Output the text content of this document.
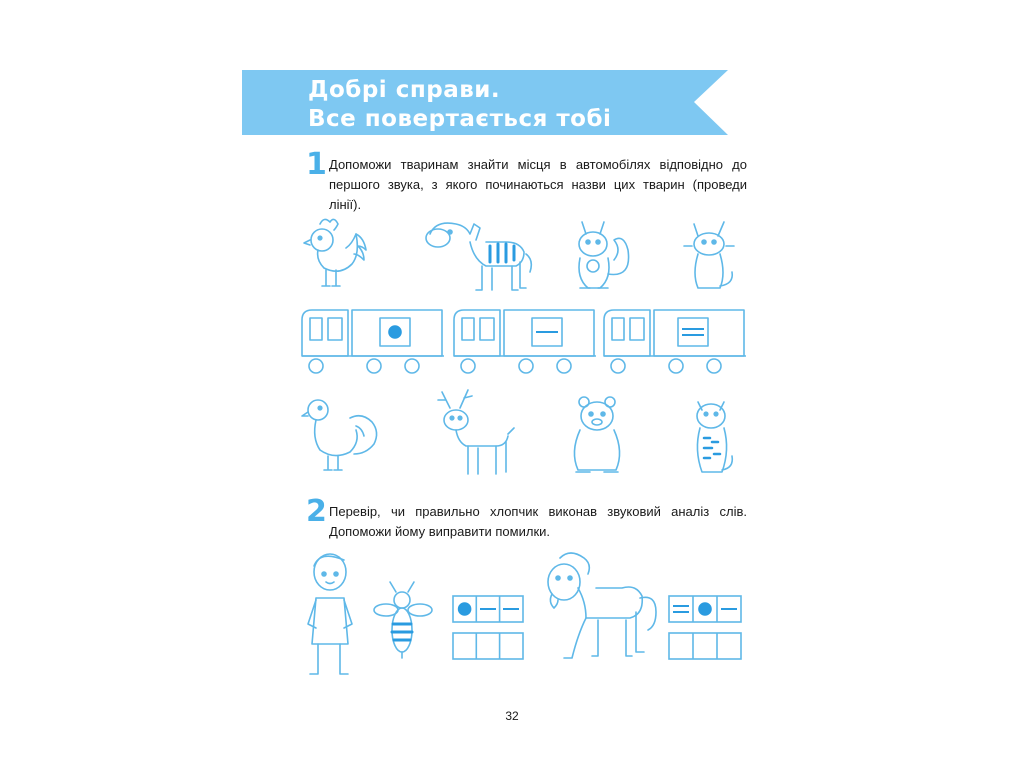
Добрі справи.
Все повертається тобі
1 Допоможи тваринам знайти місця в автомобілях відповідно до першого звука, з якого починаються назви цих тварин (проведи лінії).
2 Перевір, чи правильно хлопчик виконав звуковий аналіз слів. Допоможи йому виправити помилки.
32
